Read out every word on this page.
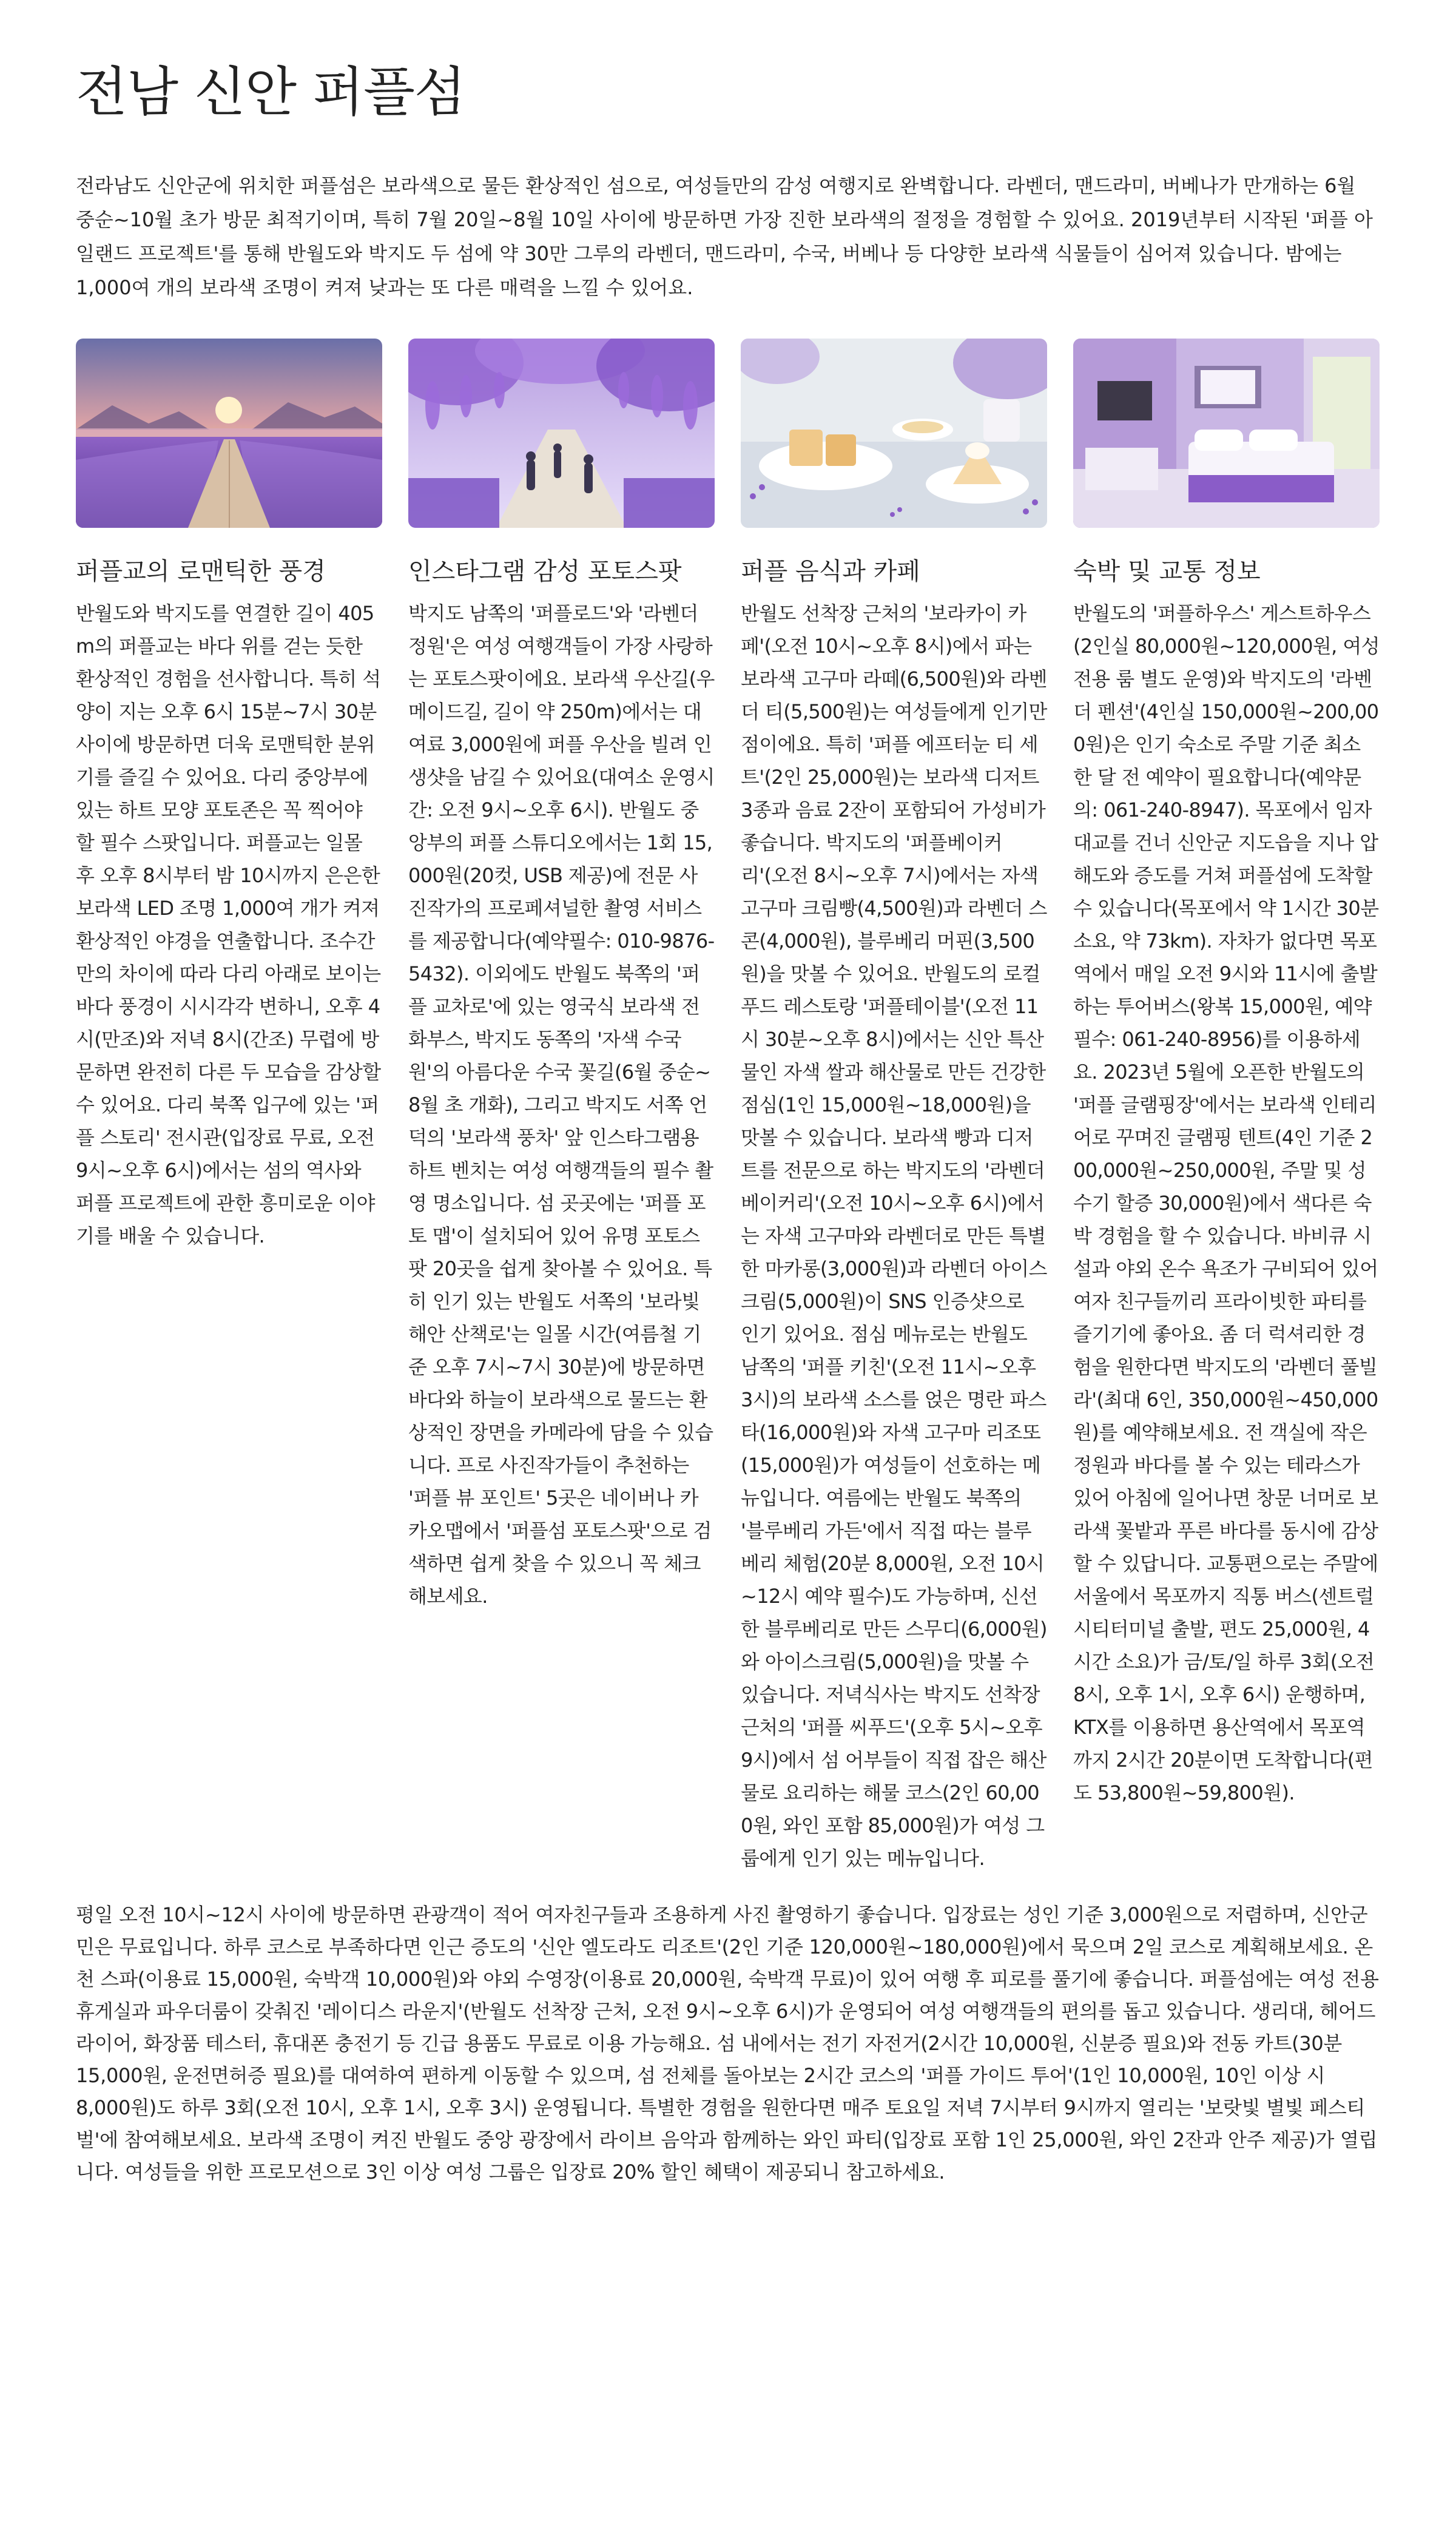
전남 신안 퍼플섬

전라남도 신안군에 위치한 퍼플섬은 보라색으로 물든 환상적인 섬으로, 여성들만의 감성 여행지로 완벽합니다. 라벤더, 맨드라미, 버베나가 만개하는 6월 중순~10월 초가 방문 최적기이며, 특히 7월 20일~8월 10일 사이에 방문하면 가장 진한 보라색의 절정을 경험할 수 있어요. 2019년부터 시작된 '퍼플 아일랜드 프로젝트'를 통해 반월도와 박지도 두 섬에 약 30만 그루의 라벤더, 맨드라미, 수국, 버베나 등 다양한 보라색 식물들이 심어져 있습니다. 밤에는 1,000여 개의 보라색 조명이 켜져 낮과는 또 다른 매력을 느낄 수 있어요.

퍼플교의 로맨틱한 풍경
반월도와 박지도를 연결한 길이 405m의 퍼플교는 바다 위를 걷는 듯한 환상적인 경험을 선사합니다. 특히 석양이 지는 오후 6시 15분~7시 30분 사이에 방문하면 더욱 로맨틱한 분위기를 즐길 수 있어요. 다리 중앙부에 있는 하트 모양 포토존은 꼭 찍어야 할 필수 스팟입니다. 퍼플교는 일몰 후 오후 8시부터 밤 10시까지 은은한 보라색 LED 조명 1,000여 개가 켜져 환상적인 야경을 연출합니다. 조수간만의 차이에 따라 다리 아래로 보이는 바다 풍경이 시시각각 변하니, 오후 4시(만조)와 저녁 8시(간조) 무렵에 방문하면 완전히 다른 두 모습을 감상할 수 있어요. 다리 북쪽 입구에 있는 '퍼플 스토리' 전시관(입장료 무료, 오전 9시~오후 6시)에서는 섬의 역사와 퍼플 프로젝트에 관한 흥미로운 이야기를 배울 수 있습니다.
인스타그램 감성 포토스팟
박지도 남쪽의 '퍼플로드'와 '라벤더 정원'은 여성 여행객들이 가장 사랑하는 포토스팟이에요. 보라색 우산길(우메이드길, 길이 약 250m)에서는 대여료 3,000원에 퍼플 우산을 빌려 인생샷을 남길 수 있어요(대여소 운영시간: 오전 9시~오후 6시). 반월도 중앙부의 퍼플 스튜디오에서는 1회 15,000원(20컷, USB 제공)에 전문 사진작가의 프로페셔널한 촬영 서비스를 제공합니다(예약필수: 010-9876-5432). 이외에도 반월도 북쪽의 '퍼플 교차로'에 있는 영국식 보라색 전화부스, 박지도 동쪽의 '자색 수국원'의 아름다운 수국 꽃길(6월 중순~8월 초 개화), 그리고 박지도 서쪽 언덕의 '보라색 풍차' 앞 인스타그램용 하트 벤치는 여성 여행객들의 필수 촬영 명소입니다. 섬 곳곳에는 '퍼플 포토 맵'이 설치되어 있어 유명 포토스팟 20곳을 쉽게 찾아볼 수 있어요. 특히 인기 있는 반월도 서쪽의 '보라빛 해안 산책로'는 일몰 시간(여름철 기준 오후 7시~7시 30분)에 방문하면 바다와 하늘이 보라색으로 물드는 환상적인 장면을 카메라에 담을 수 있습니다. 프로 사진작가들이 추천하는 '퍼플 뷰 포인트' 5곳은 네이버나 카카오맵에서 '퍼플섬 포토스팟'으로 검색하면 쉽게 찾을 수 있으니 꼭 체크해보세요.
퍼플 음식과 카페
반월도 선착장 근처의 '보라카이 카페'(오전 10시~오후 8시)에서 파는 보라색 고구마 라떼(6,500원)와 라벤더 티(5,500원)는 여성들에게 인기만점이에요. 특히 '퍼플 에프터눈 티 세트'(2인 25,000원)는 보라색 디저트 3종과 음료 2잔이 포함되어 가성비가 좋습니다. 박지도의 '퍼플베이커리'(오전 8시~오후 7시)에서는 자색고구마 크림빵(4,500원)과 라벤더 스콘(4,000원), 블루베리 머핀(3,500원)을 맛볼 수 있어요. 반월도의 로컬푸드 레스토랑 '퍼플테이블'(오전 11시 30분~오후 8시)에서는 신안 특산물인 자색 쌀과 해산물로 만든 건강한 점심(1인 15,000원~18,000원)을 맛볼 수 있습니다. 보라색 빵과 디저트를 전문으로 하는 박지도의 '라벤더 베이커리'(오전 10시~오후 6시)에서는 자색 고구마와 라벤더로 만든 특별한 마카롱(3,000원)과 라벤더 아이스크림(5,000원)이 SNS 인증샷으로 인기 있어요. 점심 메뉴로는 반월도 남쪽의 '퍼플 키친'(오전 11시~오후 3시)의 보라색 소스를 얹은 명란 파스타(16,000원)와 자색 고구마 리조또(15,000원)가 여성들이 선호하는 메뉴입니다. 여름에는 반월도 북쪽의 '블루베리 가든'에서 직접 따는 블루베리 체험(20분 8,000원, 오전 10시~12시 예약 필수)도 가능하며, 신선한 블루베리로 만든 스무디(6,000원)와 아이스크림(5,000원)을 맛볼 수 있습니다. 저녁식사는 박지도 선착장 근처의 '퍼플 씨푸드'(오후 5시~오후 9시)에서 섬 어부들이 직접 잡은 해산물로 요리하는 해물 코스(2인 60,000원, 와인 포함 85,000원)가 여성 그룹에게 인기 있는 메뉴입니다.
숙박 및 교통 정보
반월도의 '퍼플하우스' 게스트하우스(2인실 80,000원~120,000원, 여성 전용 룸 별도 운영)와 박지도의 '라벤더 펜션'(4인실 150,000원~200,000원)은 인기 숙소로 주말 기준 최소 한 달 전 예약이 필요합니다(예약문의: 061-240-8947). 목포에서 임자대교를 건너 신안군 지도읍을 지나 압해도와 증도를 거쳐 퍼플섬에 도착할 수 있습니다(목포에서 약 1시간 30분 소요, 약 73km). 자차가 없다면 목포역에서 매일 오전 9시와 11시에 출발하는 투어버스(왕복 15,000원, 예약필수: 061-240-8956)를 이용하세요. 2023년 5월에 오픈한 반월도의 '퍼플 글램핑장'에서는 보라색 인테리어로 꾸며진 글램핑 텐트(4인 기준 200,000원~250,000원, 주말 및 성수기 할증 30,000원)에서 색다른 숙박 경험을 할 수 있습니다. 바비큐 시설과 야외 온수 욕조가 구비되어 있어 여자 친구들끼리 프라이빗한 파티를 즐기기에 좋아요. 좀 더 럭셔리한 경험을 원한다면 박지도의 '라벤더 풀빌라'(최대 6인, 350,000원~450,000원)를 예약해보세요. 전 객실에 작은 정원과 바다를 볼 수 있는 테라스가 있어 아침에 일어나면 창문 너머로 보라색 꽃밭과 푸른 바다를 동시에 감상할 수 있답니다. 교통편으로는 주말에 서울에서 목포까지 직통 버스(센트럴시티터미널 출발, 편도 25,000원, 4시간 소요)가 금/토/일 하루 3회(오전 8시, 오후 1시, 오후 6시) 운행하며, KTX를 이용하면 용산역에서 목포역까지 2시간 20분이면 도착합니다(편도 53,800원~59,800원).

평일 오전 10시~12시 사이에 방문하면 관광객이 적어 여자친구들과 조용하게 사진 촬영하기 좋습니다. 입장료는 성인 기준 3,000원으로 저렴하며, 신안군민은 무료입니다. 하루 코스로 부족하다면 인근 증도의 '신안 엘도라도 리조트'(2인 기준 120,000원~180,000원)에서 묵으며 2일 코스로 계획해보세요. 온천 스파(이용료 15,000원, 숙박객 10,000원)와 야외 수영장(이용료 20,000원, 숙박객 무료)이 있어 여행 후 피로를 풀기에 좋습니다. 퍼플섬에는 여성 전용 휴게실과 파우더룸이 갖춰진 '레이디스 라운지'(반월도 선착장 근처, 오전 9시~오후 6시)가 운영되어 여성 여행객들의 편의를 돕고 있습니다. 생리대, 헤어드라이어, 화장품 테스터, 휴대폰 충전기 등 긴급 용품도 무료로 이용 가능해요. 섬 내에서는 전기 자전거(2시간 10,000원, 신분증 필요)와 전동 카트(30분 15,000원, 운전면허증 필요)를 대여하여 편하게 이동할 수 있으며, 섬 전체를 돌아보는 2시간 코스의 '퍼플 가이드 투어'(1인 10,000원, 10인 이상 시 8,000원)도 하루 3회(오전 10시, 오후 1시, 오후 3시) 운영됩니다. 특별한 경험을 원한다면 매주 토요일 저녁 7시부터 9시까지 열리는 '보랏빛 별빛 페스티벌'에 참여해보세요. 보라색 조명이 켜진 반월도 중앙 광장에서 라이브 음악과 함께하는 와인 파티(입장료 포함 1인 25,000원, 와인 2잔과 안주 제공)가 열립니다. 여성들을 위한 프로모션으로 3인 이상 여성 그룹은 입장료 20% 할인 혜택이 제공되니 참고하세요.
